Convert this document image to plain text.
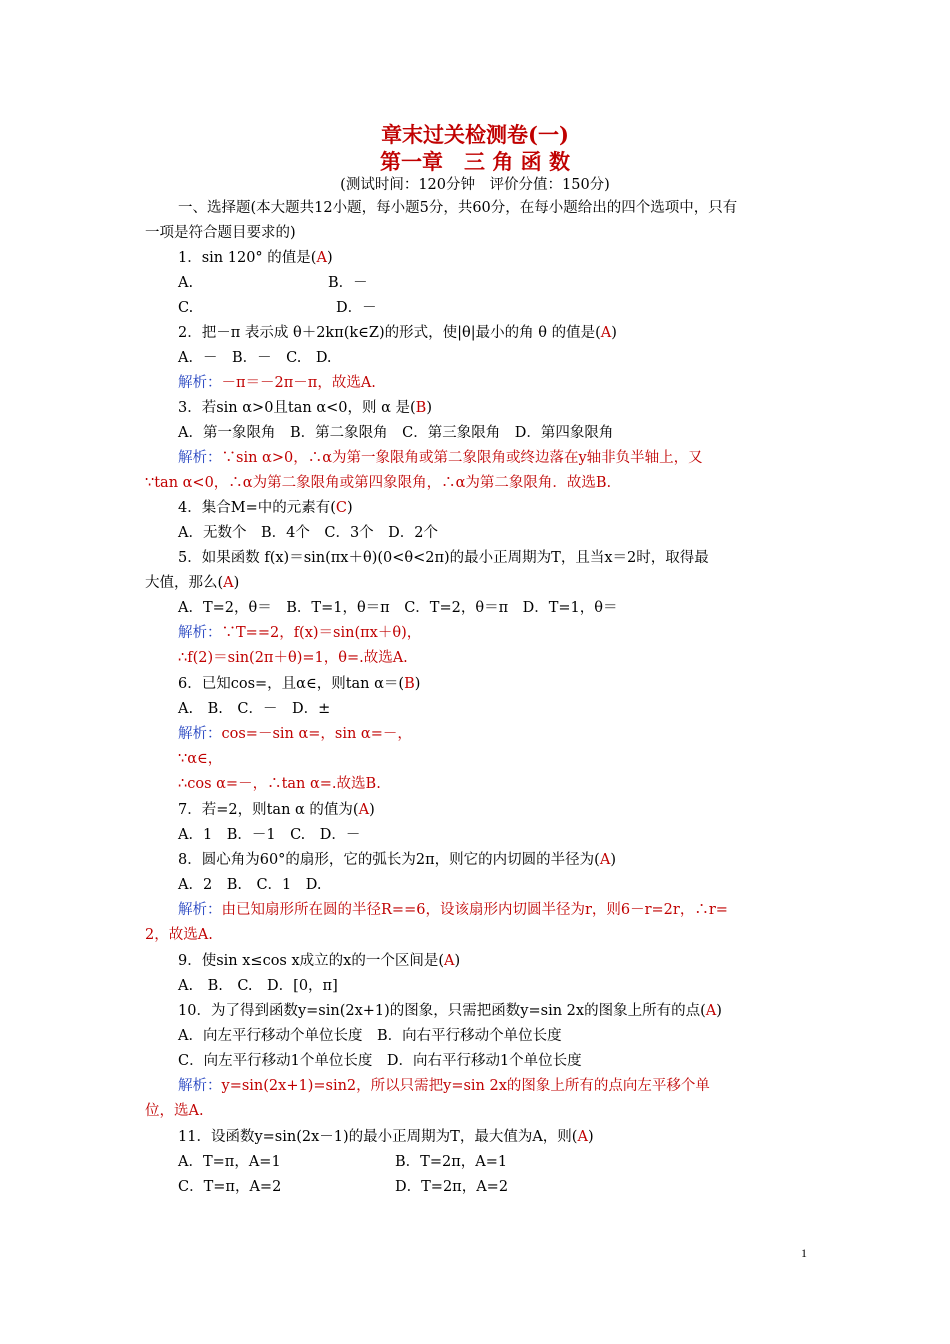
章末过关检测卷(一)
第一章　三 角 函 数
(测试时间：120分钟　评价分值：150分)
一、选择题(本大题共12小题，每小题5分，共60分，在每小题给出的四个选项中，只有
一项是符合题目要求的)
1．sin 120° 的值是(A)
A.	B．－
C.	D．－
2．把－π 表示成 θ＋2kπ(k∈Z)的形式，使|θ|最小的角 θ 的值是(A)
A．－　B．－　C.　D.
解析：－π＝－2π－π，故选A.
3．若sin α>0且tan α<0，则 α 是(B)
A．第一象限角　B．第二象限角　C．第三象限角　D．第四象限角
解析：∵sin α>0，∴α为第一象限角或第二象限角或终边落在y轴非负半轴上，又
∵tan α<0，∴α为第二象限角或第四象限角，∴α为第二象限角．故选B.
4．集合M=中的元素有(C)
A．无数个　B．4个　C．3个　D．2个
5．如果函数 f(x)＝sin(πx＋θ)(0<θ<2π)的最小正周期为T，且当x＝2时，取得最
大值，那么(A)
A．T=2，θ＝　B．T=1，θ＝π　C．T=2，θ＝π　D．T=1，θ＝
解析：∵T==2，f(x)＝sin(πx＋θ)，
∴f(2)＝sin(2π＋θ)=1，θ=.故选A.
6．已知cos=，且α∈，则tan α＝(B)
A.　B.　C．－　D．±
解析：cos=－sin α=，sin α=－，
∵α∈，
∴cos α=－，∴tan α=.故选B.
7．若=2，则tan α 的值为(A)
A．1　B．－1　C.　D．－
8．圆心角为60°的扇形，它的弧长为2π，则它的内切圆的半径为(A)
A．2　B.　C．1　D.
解析：由已知扇形所在圆的半径R==6，设该扇形内切圆半径为r，则6－r=2r，∴r=
2，故选A.
9．使sin x≤cos x成立的x的一个区间是(A)
A.　B.　C.　D．[0，π]
10．为了得到函数y=sin(2x+1)的图象，只需把函数y=sin 2x的图象上所有的点(A)
A．向左平行移动个单位长度　B．向右平行移动个单位长度
C．向左平行移动1个单位长度　D．向右平行移动1个单位长度
解析：y=sin(2x+1)=sin2，所以只需把y=sin 2x的图象上所有的点向左平移个单
位，选A.
11．设函数y=sin(2x－1)的最小正周期为T，最大值为A，则(A)
A．T=π，A=1	B．T=2π，A=1
C．T=π，A=2	D．T=2π，A=2
1
